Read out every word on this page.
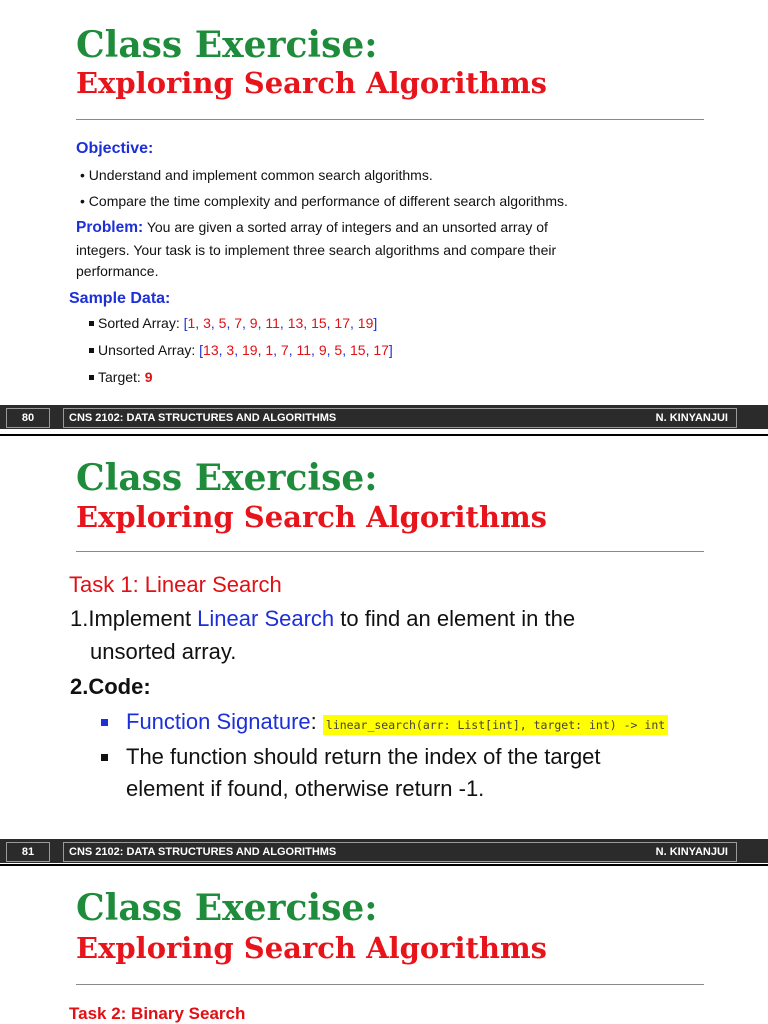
Class Exercise:
Exploring Search Algorithms
Objective:
• Understand and implement common search algorithms.
• Compare the time complexity and performance of different search algorithms.
Problem: You are given a sorted array of integers and an unsorted array of
integers. Your task is to implement three search algorithms and compare their
performance.
Sample Data:
Sorted Array: [1, 3, 5, 7, 9, 11, 13, 15, 17, 19]
Unsorted Array: [13, 3, 19, 1, 7, 11, 9, 5, 15, 17]
Target: 9
80	CNS 2102: DATA STRUCTURES AND ALGORITHMS	N. KINYANJUI
Class Exercise:
Exploring Search Algorithms
Task 1: Linear Search
1.Implement Linear Search to find an element in the
unsorted array.
2.Code:
Function Signature: linear_search(arr: List[int], target: int) -> int
The function should return the index of the target
element if found, otherwise return -1.
81	CNS 2102: DATA STRUCTURES AND ALGORITHMS	N. KINYANJUI
Class Exercise:
Exploring Search Algorithms
Task 2: Binary Search
